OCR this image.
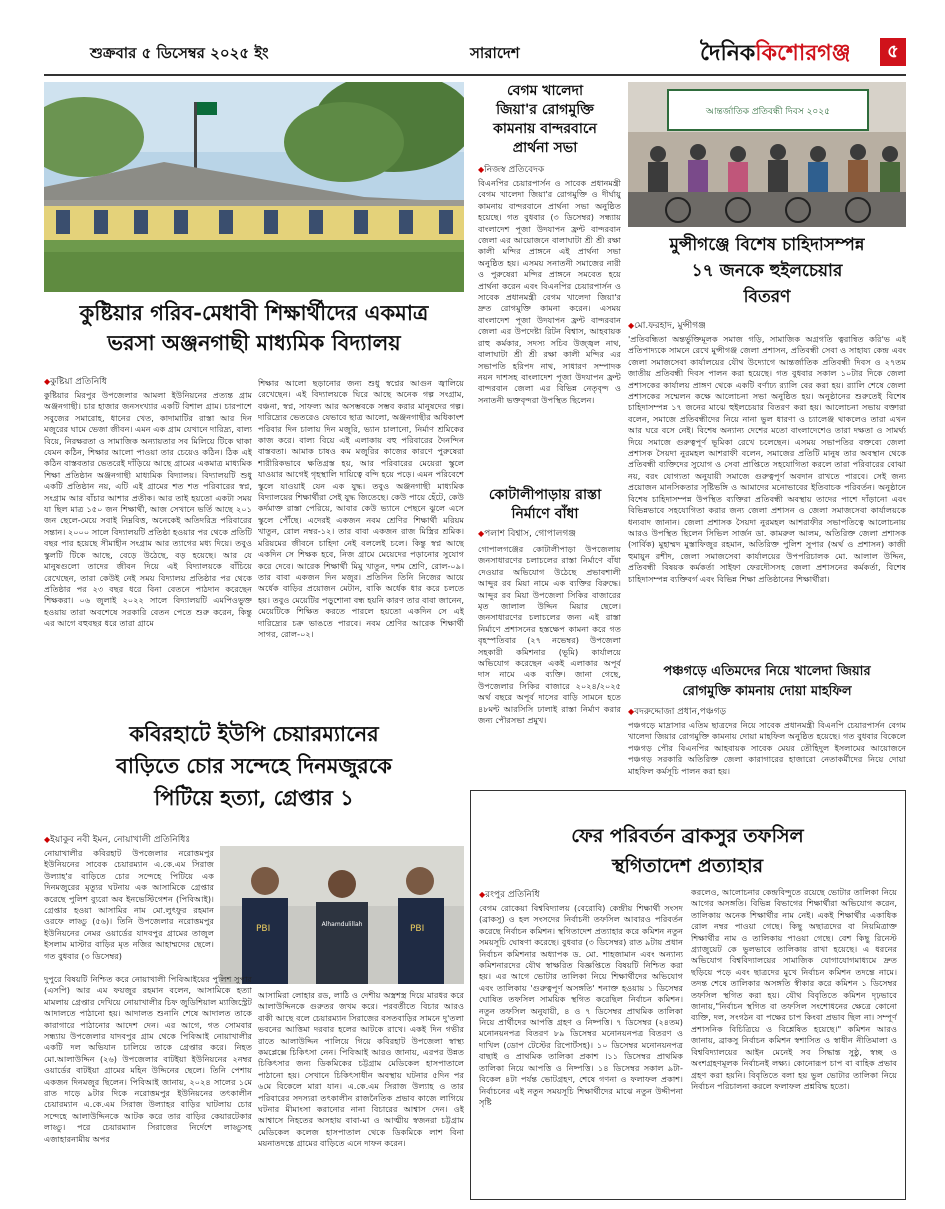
শুক্রবার ৫ ডিসেম্বর ২০২৫ ইং	সারাদেশ	দৈনিককিশোরগঞ্জ	৫
কুষ্টিয়ার গরিব-মেধাবী শিক্ষার্থীদের একমাত্র
ভরসা অঞ্জনগাছী মাধ্যমিক বিদ্যালয়
◆ কুষ্টিয়া প্রতিনিধি
কুষ্টিয়ার মিরপুর উপজেলার আমলা ইউনিয়নের প্রত্যন্ত গ্রাম অঞ্জনগাছী। চার হাজার জনসংখ্যার একটি বিশাল গ্রাম। চারপাশে সবুজের সমারোহ, ধানের খেত, কাদামাটির রাস্তা আর দিন মজুরের ঘামে ভেজা জীবন। এমন এক গ্রাম যেখানে দারিদ্র্য, বাল্য বিয়ে, নিরক্ষরতা ও সামাজিক অন্যায়তার সব মিলিয়ে টিকে থাকা যেমন কঠিন, শিক্ষার আলো পাওয়া তার চেয়েও কঠিন। ঠিক এই কঠিন বাস্তবতার ভেতরেই দাঁড়িয়ে আছে গ্রামের একমাত্র মাধ্যমিক শিক্ষা প্রতিষ্ঠান অঞ্জনগাছী মাধ্যমিক বিদ্যালয়। বিদ্যালয়টি শুধু একটি প্রতিষ্ঠান নয়, এটি এই গ্রামের শত শত পরিবারের স্বপ্ন, সংগ্রাম আর বাঁচার আশার প্রতীক। আর তাই হয়তো একটা সময় যা ছিল মাত্র ১৫০ জন শিক্ষার্থী, আজ সেখানে ভর্তি আছে ২০১ জন ছেলে-মেয়ে সবাই নিম্নবিত্ত, অনেকেই অতিদরিদ্র পরিবারের সন্তান। ২০০০ সালে বিদ্যালয়টি প্রতিষ্ঠা হওয়ার পর থেকে প্রতিটি বছর পার হয়েছে সীমাহীন সংগ্রাম আর ত্যাগের মধ্য দিয়ে। তবুও স্কুলটি টিকে আছে, বেড়ে উঠেছে, বড় হয়েছে। আর যে মানুষগুলো তাদের জীবন দিয়ে এই বিদ্যালয়কে বাঁচিয়ে রেখেছেন, তারা কেউই নেই সময় বিদ্যালয় প্রতিষ্ঠার পর থেকে প্রতিষ্ঠার পর ২৩ বছর ধরে বিনা বেতনে পাঠদান করেছেন শিক্ষকরা। ০৬ জুলাই ২০২২ সালে বিদ্যালয়টি এমপিওভুক্ত হওয়ায় তারা অবশেষে সরকারি বেতন পেতে শুরু করেন, কিন্তু এর আগে বহুবছর ধরে তারা গ্রামে
শিক্ষার আলো ছড়ানোর জন্য শুধু স্বপ্নের আগুন জ্বালিয়ে রেখেছেন। এই বিদ্যালয়কে ঘিরে আছে অনেক গল্প সংগ্রাম, বঞ্চনা, স্বপ্ন, সাফল্য আর অসম্ভবকে সম্ভব করার মানুষদের গল্প। দারিদ্র্যের ভেতরেও যেভাবে ছাত্র আলো, অঞ্জনগাছীর অধিকাংশ পরিবার দিন চালায় দিন মজুরি, ভ্যান চালানো, নির্মাণ শ্রমিকের কাজ করে। বাল্য বিয়ে এই এলাকায় বহু পরিবারের দৈনন্দিন বাস্তবতা। আমাক চাষও কম মজুরির কাজের কারণে পুরুষেরা শারীরিকভাবে ক্ষতিগ্রস্ত হয়, আর পরিবারের মেয়েরা স্কুলে যাওয়ার আগেই গৃহস্থালি দায়িত্বে বন্দি হয়ে পড়ে। এমন পরিবেশে স্কুলে যাওয়াই যেন এক যুদ্ধ। তবুও অঞ্জনগাছী মাধ্যমিক বিদ্যালয়ের শিক্ষার্থীরা সেই যুদ্ধ জিতেছে। কেউ পায়ে হেঁটে, কেউ কর্দমাক্ত রাস্তা পেরিয়ে, আবার কেউ ভ্যানে পেছনে ঝুলে এসে স্কুলে পৌঁছে। এদেরই একজন নবম শ্রেণির শিক্ষার্থী মরিয়ম খাতুন, রোল নম্বর-১২। তার বাবা একজন রাজ মিস্ত্রির শ্রমিক। মরিয়মের জীবনে চাহিদা নেই বললেই চলে। কিন্তু স্বপ্ন আছে একদিন সে শিক্ষক হবে, নিজ গ্রামে মেয়েদের পড়ানোর সুযোগ করে দেবে। আরেক শিক্ষার্থী মিমু খাতুন, দশম শ্রেণি, রোল-০৯। তার বাবা একজন দিন মজুর। প্রতিদিন তিনি নিজের আয়ে অর্ধেক বাড়ির প্রয়োজন মেটান, বাকি অর্ধেক ধার করে চলতে হয়। তবুও মেয়েটির পড়ুশোনা বন্ধ হয়নি কারণ তার বাবা জানেন, মেয়েটিকে শিক্ষিত করতে পারলে হয়তো একদিন সে এই দারিদ্র্যের চক্র ভাঙতে পারবে। নবম শ্রেণির আরেক শিক্ষার্থী সাগর, রোল-০২।
বেগম খালেদা
জিয়া'র রোগমুক্তি
কামনায় বান্দরবানে
প্রার্থনা সভা
◆ নিজস্ব প্রতিবেদক
বিএনপির চেয়ারপার্সন ও সাবেক প্রধানমন্ত্রী বেগম খালেদা জিয়া'র রোগমুক্তি ও দীর্ঘায়ু কামনায় বান্দরবানে প্রার্থনা সভা অনুষ্ঠিত হয়েছে। গত বুধবার (৩ ডিসেম্বর) সন্ধ্যায় বাংলাদেশ পূজা উদযাপন ফ্রন্ট বান্দরবান জেলা এর আয়োজনে বালাঘাটা শ্রী শ্রী রক্ষা কালী মন্দির প্রাঙ্গনে এই প্রার্থনা সভা অনুষ্ঠিত হয়। এসময় সনাতনী সমাজের নারী ও পুরুষেরা মন্দির প্রাঙ্গনে সমবেত হয়ে প্রার্থনা করেন এবং বিএনপির চেয়ারপার্সন ও সাবেক প্রধানমন্ত্রী বেগম খালেদা জিয়া'র দ্রুত রোগমুক্তি কামনা করেন। এসময় বাংলাদেশ পূজা উদযাপন ফ্রন্ট বান্দরবান জেলা এর উপদেষ্টা রিটন বিশ্বাস, আহবায়ক রাহু কর্মকার, সদস্য সচিব উজ্জ্বল নাথ, বালাঘাটা শ্রী শ্রী রক্ষা কালী মন্দির এর সভাপতি হরিপদ নাথ, সাধারণ সম্পাদক নয়ন দাশসহ বাংলাদেশ পূজা উদযাপন ফ্রন্ট বান্দরবান জেলা এর বিভিন্ন নেতৃবৃন্দ ও সনাতনী ভক্তবৃন্দরা উপস্থিত ছিলেন।
কোটালীপাড়ায় রাস্তা
নির্মাণে বাঁধা
◆ পলাশ বিশ্বাস, গোপালগঞ্জ
গোপালগঞ্জের কোটালীপাড়া উপজেলায় জনসাধারণের চলাচলের রাস্তা নির্মাণে বাঁধা দেওয়ার অভিযোগ উঠেছে প্রভাবশালী আব্দুর রব মিয়া নামে এক ব্যক্তির বিরুদ্ধে। আব্দুর রব মিয়া উপজেলা সিকির বাজারের মৃত জালাল উদ্দিন মিয়ার ছেলে। জনসাধারণের চলাচলের জন্য এই রাস্তা নির্মাণে প্রশাসনের হস্তক্ষেপ কামনা করে গত বৃহস্পতিবার (২৭ নভেম্বর) উপজেলা সহকারী কমিশনার (ভূমি) কার্যালয়ে অভিযোগ করেছেন একই এলাকার অপূর্ব দাস নামে এক ব্যক্তি। জানা গেছে, উপজেলার সিকির বাজারে ২০২৪/২০২৫ অর্থ বছরে অপূর্ব দাসের বাড়ি সামনে হতে ৪৮মন্ট আরসিসি ঢালাই রাস্তা নির্মাণ করার জন্য পৌরসভা প্রমুখ।
আন্তর্জাতিক প্রতিবন্ধী দিবস ২০২৫
মুন্সীগঞ্জে বিশেষ চাহিদাসম্পন্ন
১৭ জনকে হুইলচেয়ার
বিতরণ
◆ মো.ফরহাদ, মুন্সীগঞ্জ
'প্রতিবন্ধিতা অন্তর্ভুক্তিমূলক সমাজ গড়ি, সামাজিক অগ্রগতি ত্বরান্বিত করি'ভ এই প্রতিপাদ্যকে সামনে রেখে মুন্সীগঞ্জ জেলা প্রশাসন, প্রতিবন্ধী সেবা ও সাহায্য কেন্দ্র এবং জেলা সমাজসেবা কার্যালয়ের যৌথ উদ্যোগে আন্তর্জাতিক প্রতিবন্ধী দিবস ও ২৭তম জাতীয় প্রতিবন্ধী দিবস পালন করা হয়েছে। গত বুধবার সকাল ১০টার দিকে জেলা প্রশাসকের কার্যালয় প্রাঙ্গণ থেকে একটি বর্ণাঢ্য র‍্যালি বের করা হয়। র‍্যালি শেষে জেলা প্রশাসকের সম্মেলন কক্ষে আলোচনা সভা অনুষ্ঠিত হয়। অনুষ্ঠানের শুরুতেই বিশেষ চাহিদাসম্পন্ন ১৭ জনের মাঝে হুইলচেয়ার বিতরণ করা হয়। আলোচনা সভায় বক্তারা বলেন, সমাজে প্রতিবন্ধীদের নিয়ে নানা ভুল ধারণা ও চ্যালেঞ্জ থাকলেও তারা এখন আর ঘরে বসে নেই। বিশেষ অন্যান্য দেশের মতো বাংলাদেশেও তারা দক্ষতা ও সামর্থ্য দিয়ে সমাজে গুরুত্বপূর্ণ ভূমিকা রেখে চলেছেন। এসময় সভাপতির বক্তব্যে জেলা প্রশাসক সৈয়দা নুরমহল আশরাফী বলেন, সমাজের প্রতিটি মানুষ তার অবস্থান থেকে প্রতিবন্ধী ব্যক্তিদের সুযোগ ও সেবা প্রাপ্তিতে সহযোগিতা করলে তারা পরিবারের বোঝা নয়, বরং যোগ্যতা অনুযায়ী সমাজে গুরুত্বপূর্ণ অবদান রাখতে পারবে। সেই জন্য প্রয়োজন মানসিকতার সৃষ্টিভঙ্গি ও আমাদের মনোভাবের ইতিবাচক পরিবর্তন। অনুষ্ঠানে বিশেষ চাহিদাসম্পন্ন উপস্থিত ব্যক্তিরা প্রতিবন্ধী অবস্থায় তাদের পাশে দাঁড়ানো এবং বিভিন্নভাবে সহযোগিতা করার জন্য জেলা প্রশাসন ও জেলা সমাজসেবা কার্যালয়কে ধন্যবাদ জানান। জেলা প্রশাসক সৈয়দা নুরমহল আশরাফীর সভাপতিত্বে আলোচনায় আরও উপস্থিত ছিলেন সিভিল সার্জন ডা. কামরুল আলম, অতিরিক্ত জেলা প্রশাসক (সার্বিক) মুহাম্মদ মুস্তাফিজুর রহমান, অতিরিক্ত পুলিশ সুপার (অর্থ ও প্রশাসন) কাজী হুমায়ুন রশীদ, জেলা সমাজসেবা কার্যালয়ের উপপরিচালক মো. আলাল উদ্দিন, প্রতিবন্ধী বিষয়ক কর্মকর্তা সাইফা ফেরদৌসসহ জেলা প্রশাসনের কর্মকর্তা, বিশেষ চাহিদাসম্পন্ন ব্যক্তিবর্গ এবং বিভিন্ন শিক্ষা প্রতিষ্ঠানের শিক্ষার্থীরা।
পঞ্চগড়ে এতিমদের নিয়ে খালেদা জিয়ার
রোগমুক্তি কামনায় দোয়া মাহফিল
◆ বদরুদ্দোজা প্রধান,পঞ্চগড়
পঞ্চগড়ে মাদ্রাসার এতিম ছাত্রদের নিয়ে সাবেক প্রধানমন্ত্রী বিএনপি চেয়ারপার্সন বেগম খালেদা জিয়ার রোগমুক্তি কামনায় দোয়া মাহফিল অনুষ্ঠিত হয়েছে। গত বুধবার বিকেলে পঞ্চগড় পৌর বিএনপির আহবায়ক সাবেক মেয়র তৌহিদুল ইসলামের আয়োজনে পঞ্চগড় সরকারি অতিরিক্ত জেলা কারাগারের হাজারো নেতাকর্মীদের নিয়ে দোয়া মাহফিল কর্মসূচি পালন করা হয়।
কবিরহাটে ইউপি চেয়ারম্যানের
বাড়িতে চোর সন্দেহে দিনমজুরকে
পিটিয়ে হত্যা, গ্রেপ্তার ১
◆ ইয়াকুব নবী ইমন, নোয়াখালী প্রতিনিধিঃ
নোয়াখালীর কবিরহাট উপজেলার নরোত্তমপুর ইউনিয়নের সাবেক চেয়ারম্যান এ.কে.এম সিরাজ উল্যাহ'র বাড়িতে চোর সন্দেহে পিটিয়ে এক দিনমজুরের মৃত্যুর ঘটনায় এক আসামিকে গ্রেপ্তার করেছে পুলিশ ব্যুরো অব ইনভেস্টিগেশন (পিবিআই)। গ্রেপ্তার হওয়া আসামির নাম মো.লুৎফুর রহমান ওরফে লাড্ডু (৫৬)। তিনি উপজেলার নরোত্তমপুর ইউনিয়নের নেমর ওয়ার্ডের যাদবপুর গ্রামের তাজুল ইসলাম মাস্টার বাড়ির মৃত নজির আহাম্মদের ছেলে। গত বুধবার (৩ ডিসেম্বর)
PBI	Alhamdulillah	PBI
দুপুরে বিষয়টি নিশ্চিত করে নোয়াখালী পিবিআইয়ের পুলিশ সুপার (এসপি) আর এম ফয়জুর রহমান বলেন, আসামিকে হত্যা মামলায় গ্রেপ্তার দেখিয়ে নোয়াখালীর চিফ জুডিশিয়াল ম্যাজিস্ট্রেট আদালতে পাঠানো হয়। আদালত শুনানি শেষে আদালত তাকে কারাগারে পাঠানোর আদেশ দেন। এর আগে, গত সোমবার সন্ধ্যায় উপজেলার যাদবপুর গ্রাম থেকে পিবিআই নোয়াখালীর একটি দল অভিযান চালিয়ে তাকে গ্রেপ্তার করে। নিহত মো.আলাউদ্দিন (২৬) উপজেলার বাটইয়া ইউনিয়নের ২নম্বর ওয়ার্ডের বাটইয়া গ্রামের মহিন উদ্দিনের ছেলে। তিনি পেশায় একজন দিনমজুর ছিলেন। পিবিআই জানায়, ২০২৪ সালের ১মে রাত দাড়ে ৯টার দিকে নরোত্তমপুর ইউনিয়নের তৎকালীন চেয়ারম্যান এ.কে.এম সিরাজ উল্যাহর বাড়ির ঘাটলায় চোর সন্দেহে আলাউদ্দিনকে আটক করে তার বাড়ির কেয়ারটেকার লাড্ডু। পরে চেয়ারম্যান সিরাজের নির্দেশে লাড্ডুসহ এজাহারনামীয় অপর
আসামিরা লোহার রড, লাঠি ও দেশীয় অস্ত্রশস্ত্র দিয়ে মারধর করে আলাউদ্দিনকে গুরুতর জখম করে। পরবর্তীতে বিচার আরও বাকী আছে বলে চেয়ারম্যান সিরাজের বসতবাড়ির সামনে দু'তলা ভবনের আত্তিমা দরবার হলের আটকে রাখে। একই দিন গভীর রাতে আলাউদ্দিন পালিয়ে গিয়ে কবিরহাট উপজেলা স্বাস্থ্য কমপ্লেক্সে চিকিৎসা নেন। পিবিআই আরও জানায়, এরপর উন্নত চিকিৎসার জন্য ডিকমিকের চট্টগ্রাম মেডিকেল হাসপাতালে পাঠানো হয়। সেখানে চিকিৎসাধীন অবস্থায় ঘটনার ৫দিন পর ৬মে বিকেলে মারা যান। এ.কে.এম সিরাজ উল্যাহ ও তার পরিবারের সদস্যরা তৎকালীন রাজনৈতিক প্রভাব কাজে লাগিয়ে ঘটনার মীমাংসা করানোর নানা বিচারের আশ্বাস দেন। ওই আশ্বাসে নিহতের অসহায় বাবা-মা ও আত্মীয় স্বজনরা চট্টগ্রাম মেডিকেল কলেজ হাসপাতাল থেকে ডিকমিকে লাশ বিনা ময়নাতদন্তে গ্রামের বাড়িতে এনে দাফন করেন।
ফের পরিবর্তন ব্রাকসুর তফসিল
স্থগিতাদেশ প্রত্যাহার
◆ রংপুর প্রতিনিধি
বেগম রোকেয়া বিশ্ববিদ্যালয় (বেরোবি) কেন্দ্রীয় শিক্ষার্থী সংসদ (ব্রাকসু) ও হল সংসদের নির্বাচনী তফসিল আবারও পরিবর্তন করেছে নির্বাচন কমিশন। স্থগিতাদেশ প্রত্যাহার করে কমিশন নতুন সময়সূচি ঘোষণা করেছে। বুধবার (৩ ডিসেম্বর) রাত ৯টায় প্রধান নির্বাচন কমিশনার অধ্যাপক ড. মো. শাহজামান এবং অন্যান্য কমিশনারদের যৌথ স্বাক্ষরিত বিজ্ঞপ্তিতে বিষয়টি নিশ্চিত করা হয়। এর আগে ভোটার তালিকা নিয়ে শিক্ষার্থীদের অভিযোগ এবং তালিকায় 'গুরুত্বপূর্ণ অসঙ্গতি' শনাক্ত হওয়ায় ১ ডিসেম্বর ঘোষিত তফসিল সাময়িক স্থগিত করেছিল নির্বাচন কমিশন। নতুন তফসিল অনুযায়ী, ৪ ও ৭ ডিসেম্বর প্রাথমিক তালিকা নিয়ে প্রার্থীদের আপত্তি গ্রহণ ও নিষ্পত্তি। ৭ ডিসেম্বর (২৪তম) মনোনয়নপত্র বিতরণ ৮৯ ডিসেম্বর মনোনয়নপত্র বিতরণ ও দাখিল (ডোপ টেস্টের রিপোর্টসহ)। ১০ ডিসেম্বর মনোনয়নপত্র বাছাই ও প্রাথমিক তালিকা প্রকাশ ।১১ ডিসেম্বর প্রাথমিক তালিকা নিয়ে আপত্তি ও নিষ্পত্তি। ১৪ ডিসেম্বর সকাল ৯টা-বিকেল ৪টা পর্যন্ত ভোটগ্রহণ, শেষে গণনা ও ফলাফল প্রকাশ। নির্বাচনের এই নতুন সময়সূচি শিক্ষার্থীদের মাঝে নতুন উদ্দীপনা সৃষ্টি
করলেও, আলোচনার কেন্দ্রবিন্দুতে রয়েছে ভোটার তালিকা নিয়ে আগের অসঙ্গতি। বিভিন্ন বিভাগের শিক্ষার্থীরা অভিযোগ করেন, তালিকায় অনেক শিক্ষার্থীর নাম নেই। একই শিক্ষার্থীর একাধিক রোল নম্বর পাওয়া গেছে। কিছু অছাত্রদের বা নিয়মিত্রাক্ত শিক্ষার্থীর নাম ও তালিকায় পাওয়া গেছে। বেশ কিছু রিনেস্ট গ্র্যাজুয়েট কে ভুলভাবে তালিকায় রাখা হয়েছে। এ ধরনের অভিযোগ বিশ্ববিদ্যালয়ের সামাজিক যোগাযোগমাধ্যমে দ্রুত ছড়িয়ে পড়ে এবং ছাত্রদের মুখে নির্বাচন কমিশন তদন্তে নামে। তদন্ত শেষে তালিকার অসঙ্গতি স্বীকার করে কমিশন ১ ডিসেম্বর তফসিল স্থগিত করা হয়। যৌথ বিবৃতিতে কমিশন দৃঢ়ভাবে জানায়,"নির্বাচন স্থগিত বা তফসিল সংশোধনের ক্ষেত্রে কোনো ব্যক্তি, দল, সংগঠন বা পক্ষের চাপ কিংবা প্রভাব ছিল না। সম্পূর্ণ প্রশাসনিক বিচিত্রিয়ে ও বিশ্লেষিত হয়েছে।" কমিশন আরও জানায়, ব্রাকসু নির্বাচন কমিশন স্বশাসিত ও স্বাধীন নীতিমালা ও বিশ্ববিদ্যালয়ের আইন মেনেই সব সিদ্ধান্ত সুষ্ঠু, স্বচ্ছ ও অংশগ্রহণমূলক নির্বাচনই লক্ষ্য। কোনোরূপ চাপ বা বাহিক প্রভাব গ্রহণ করা হয়নি। বিবৃতিতে বলা হয় ভুল ভোটার তালিকা নিয়ে নির্বাচন পরিচালনা করলে ফলাফল প্রশ্নবিদ্ধ হতো।
